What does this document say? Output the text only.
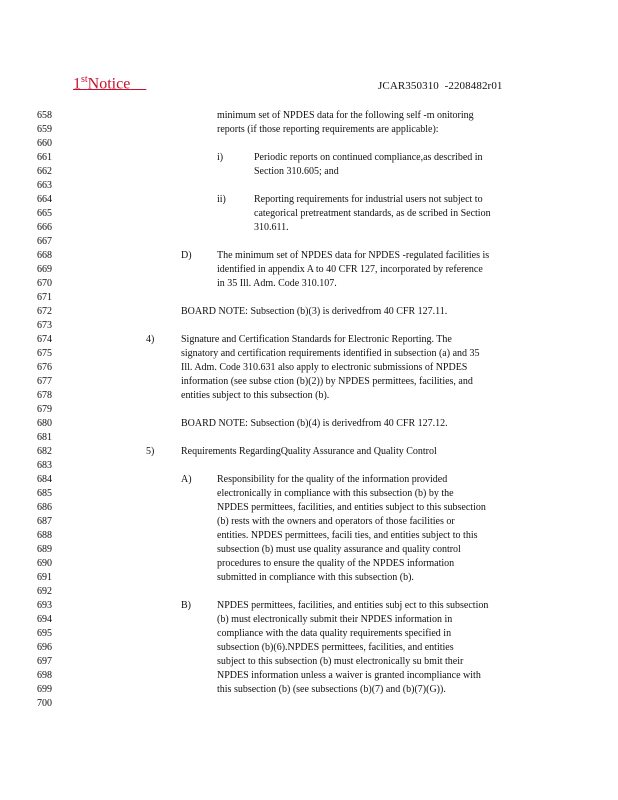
1stNotice	JCAR350310  -2208482r01
658
659
660
661
662
663
664
665
666
667
668
669
670
671
672
673
674
675
676
677
678
679
680
681
682
683
684
685
686
687
688
689
690
691
692
693
694
695
696
697
698
699
700
minimum set of NPDES data for the following self -m onitoring
reports (if those reporting requirements are applicable):
i)	Periodic reports on continued compliance,as described in
Section 310.605; and
ii)	Reporting requirements for industrial users not subject to
categorical pretreatment standards, as de scribed in Section
310.611.
D)	The minimum set of NPDES data for NPDES -regulated facilities is
identified in appendix A to 40 CFR 127, incorporated by reference
in 35 Ill. Adm. Code 310.107.
BOARD NOTE: Subsection (b)(3) is derivedfrom 40 CFR 127.11.
4)	Signature and Certification Standards for Electronic Reporting. The
signatory and certification requirements identified in subsection (a) and 35
Ill. Adm. Code 310.631 also apply to electronic submissions of NPDES
information (see subse ction (b)(2)) by NPDES permittees, facilities, and
entities subject to this subsection (b).
BOARD NOTE: Subsection (b)(4) is derivedfrom 40 CFR 127.12.
5)	Requirements RegardingQuality Assurance and Quality Control
A)	Responsibility for the quality of the information provided
electronically in compliance with this subsection (b) by the
NPDES permittees, facilities, and entities subject to this subsection
(b) rests with the owners and operators of those facilities or
entities. NPDES permittees, facili ties, and entities subject to this
subsection (b) must use quality assurance and quality control
procedures to ensure the quality of the NPDES information
submitted in compliance with this subsection (b).
B)	NPDES permittees, facilities, and entities subj ect to this subsection
(b) must electronically submit their NPDES information in
compliance with the data quality requirements specified in
subsection (b)(6).NPDES permittees, facilities, and entities
subject to this subsection (b) must electronically su bmit their
NPDES information unless a waiver is granted incompliance with
this subsection (b) (see subsections (b)(7) and (b)(7)(G)).
